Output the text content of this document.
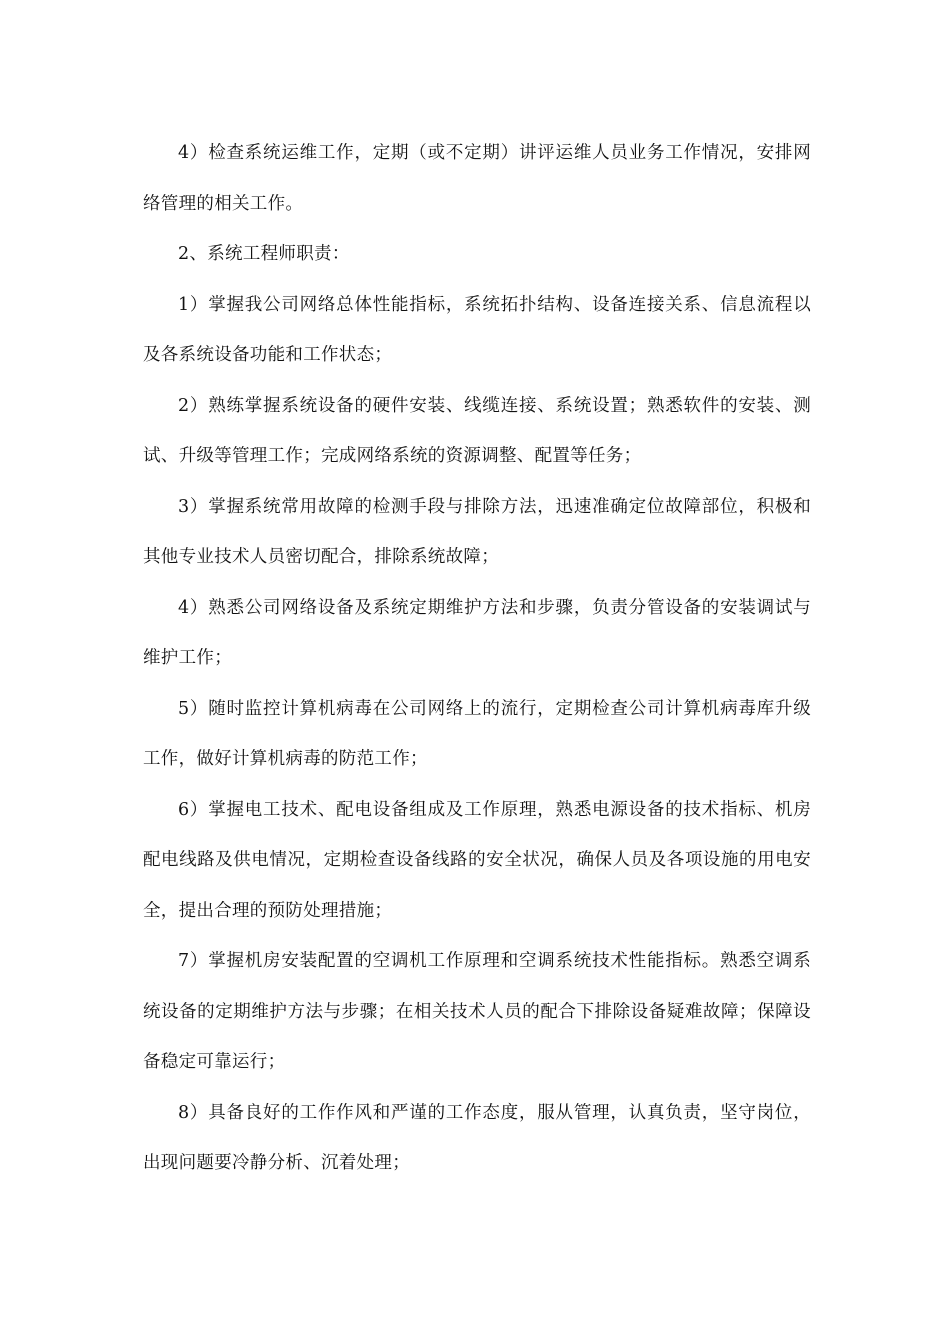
4）检查系统运维工作，定期（或不定期）讲评运维人员业务工作情况，安排网络管理的相关工作。

2、系统工程师职责：

1）掌握我公司网络总体性能指标，系统拓扑结构、设备连接关系、信息流程以及各系统设备功能和工作状态；

2）熟练掌握系统设备的硬件安装、线缆连接、系统设置；熟悉软件的安装、测试、升级等管理工作；完成网络系统的资源调整、配置等任务；

3）掌握系统常用故障的检测手段与排除方法，迅速准确定位故障部位，积极和其他专业技术人员密切配合，排除系统故障；

4）熟悉公司网络设备及系统定期维护方法和步骤，负责分管设备的安装调试与维护工作；

5）随时监控计算机病毒在公司网络上的流行，定期检查公司计算机病毒库升级工作，做好计算机病毒的防范工作；

6）掌握电工技术、配电设备组成及工作原理，熟悉电源设备的技术指标、机房配电线路及供电情况，定期检查设备线路的安全状况，确保人员及各项设施的用电安全，提出合理的预防处理措施；

7）掌握机房安装配置的空调机工作原理和空调系统技术性能指标。熟悉空调系统设备的定期维护方法与步骤；在相关技术人员的配合下排除设备疑难故障；保障设备稳定可靠运行；

8）具备良好的工作作风和严谨的工作态度，服从管理，认真负责，坚守岗位，出现问题要冷静分析、沉着处理；
